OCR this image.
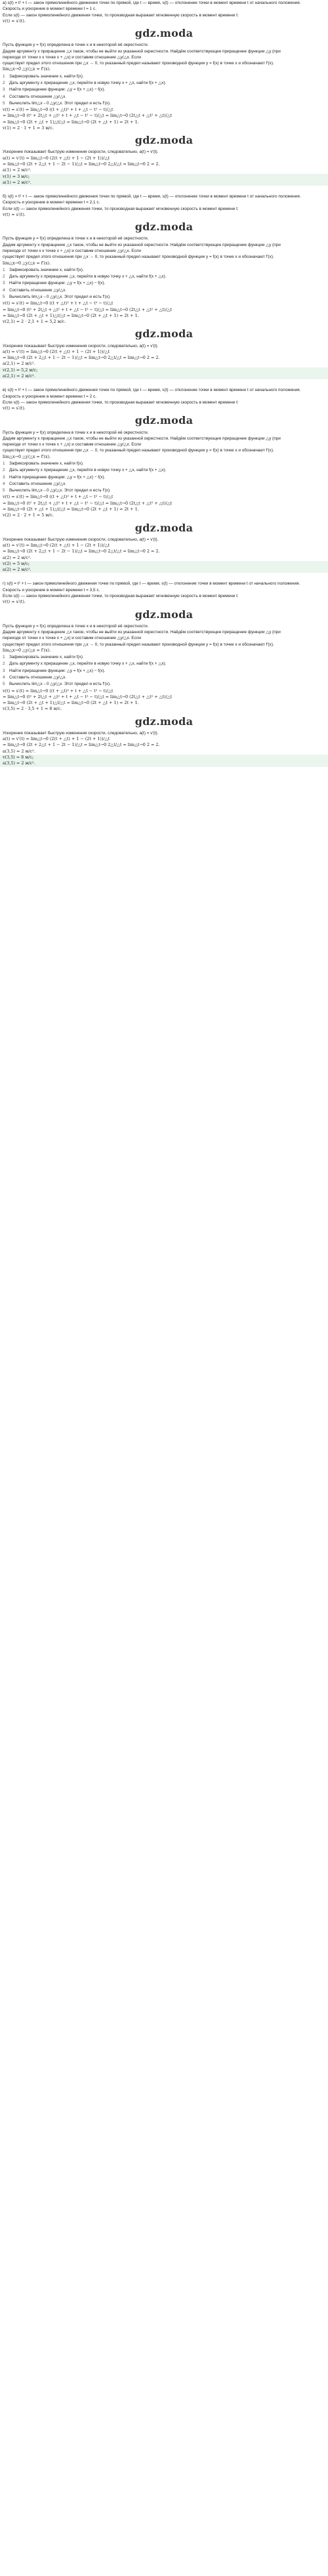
а) s(t) = t² + t — закон прямолинейного движения точки по прямой, где t — время, s(t) — отклонение точки в момент времени t от начального положения.
Скорость и ускорение в момент времени t = 1 с.
Если s(t) — закон прямолинейного движения точки, то производная выражает мгновенную скорость в момент времени t:
v(t) = s′(t).
gdz.moda
Пусть функция y = f(x) определена в точке x и в некоторой её окрестности.
Дадим аргументу x приращение △x такое, чтобы не выйти из указанной окрестности. Найдём соответствующее приращение функции △y (при
переходе от точки x к точке x + △x) и составим отношение △y/△x. Если
существует предел этого отношения при △x → 0, то указанный предел называют производной функции y = f(x) в точке x и обозначают f′(x).
lim△x→0 △y/△x = f′(x).
1	Зафиксировать значение x, найти f(x).
2	Дать аргументу x приращение △x, перейти в новую точку x + △x, найти f(x + △x).
3	Найти приращение функции: △y = f(x + △x) − f(x).
4	Составить отношение △y/△x.
5	Вычислить lim△x→0 △y/△x. Этот предел и есть f′(x).
v(t) = s′(t) = lim△t→0 ((t + △t)² + t + △t − t² − t)/△t
= lim△t→0 (t² + 2t△t + △t² + t + △t − t² − t)/△t = lim△t→0 (2t△t + △t² + △t)/△t
= lim△t→0 (2t + △t + 1)△t/△t = lim△t→0 (2t + △t + 1) = 2t + 1.
v(1) = 2 · 1 + 1 = 3 м/с.
gdz.moda
Ускорение показывает быструю изменения скорости, следовательно, a(t) = v′(t).
a(t) = v′(t) = lim△t→0 (2(t + △t) + 1 − (2t + 1))/△t
= lim△t→0 (2t + 2△t + 1 − 2t − 1)/△t = lim△t→0 2△t/△t = lim△t→0 2 = 2.
a(1) = 2 м/с².
v(1) = 3 м/с;
a(1) = 2 м/с².
б) s(t) = t² + t — закон прямолинейного движения точки по прямой, где t — время, s(t) — отклонение точки в момент времени t от начального положения.
Скорость и ускорение в момент времени t = 2,1 с.
Если s(t) — закон прямолинейного движения точки, то производная выражает мгновенную скорость в момент времени t:
v(t) = s′(t).
gdz.moda
Пусть функция y = f(x) определена в точке x и в некоторой её окрестности.
Дадим аргументу x приращение △x такое, чтобы не выйти из указанной окрестности. Найдём соответствующее приращение функции △y (при
переходе от точки x к точке x + △x) и составим отношение △y/△x. Если
существует предел этого отношения при △x → 0, то указанный предел называют производной функции y = f(x) в точке x и обозначают f′(x).
lim△x→0 △y/△x = f′(x).
1	Зафиксировать значение x, найти f(x).
2	Дать аргументу x приращение △x, перейти в новую точку x + △x, найти f(x + △x).
3	Найти приращение функции: △y = f(x + △x) − f(x).
4	Составить отношение △y/△x.
5	Вычислить lim△x→0 △y/△x. Этот предел и есть f′(x).
v(t) = s′(t) = lim△t→0 ((t + △t)² + t + △t − t² − t)/△t
= lim△t→0 (t² + 2t△t + △t² + t + △t − t² − t)/△t = lim△t→0 (2t△t + △t² + △t)/△t
= lim△t→0 (2t + △t + 1)△t/△t = lim△t→0 (2t + △t + 1) = 2t + 1.
v(2,1) = 2 · 2,1 + 1 = 5,2 м/с.
gdz.moda
Ускорение показывает быструю изменения скорости, следовательно, a(t) = v′(t).
a(t) = v′(t) = lim△t→0 (2(t + △t) + 1 − (2t + 1))/△t
= lim△t→0 (2t + 2△t + 1 − 2t − 1)/△t = lim△t→0 2△t/△t = lim△t→0 2 = 2.
a(2,1) = 2 м/с².
v(2,1) = 5,2 м/с;
a(2,1) = 2 м/с².
в) s(t) = t² + t — закон прямолинейного движения точки по прямой, где t — время, s(t) — отклонение точки в момент времени t от начального положения.
Скорость и ускорение в момент времени t = 2 с.
Если s(t) — закон прямолинейного движения точки, то производная выражает мгновенную скорость в момент времени t:
v(t) = s′(t).
gdz.moda
Пусть функция y = f(x) определена в точке x и в некоторой её окрестности.
Дадим аргументу x приращение △x такое, чтобы не выйти из указанной окрестности. Найдём соответствующее приращение функции △y (при
переходе от точки x к точке x + △x) и составим отношение △y/△x. Если
существует предел этого отношения при △x → 0, то указанный предел называют производной функции y = f(x) в точке x и обозначают f′(x).
lim△x→0 △y/△x = f′(x).
1	Зафиксировать значение x, найти f(x).
2	Дать аргументу x приращение △x, перейти в новую точку x + △x, найти f(x + △x).
3	Найти приращение функции: △y = f(x + △x) − f(x).
4	Составить отношение △y/△x.
5	Вычислить lim△x→0 △y/△x. Этот предел и есть f′(x).
v(t) = s′(t) = lim△t→0 ((t + △t)² + t + △t − t² − t)/△t
= lim△t→0 (t² + 2t△t + △t² + t + △t − t² − t)/△t = lim△t→0 (2t△t + △t² + △t)/△t
= lim△t→0 (2t + △t + 1)△t/△t = lim△t→0 (2t + △t + 1) = 2t + 1.
v(2) = 2 · 2 + 1 = 5 м/с.
gdz.moda
Ускорение показывает быструю изменения скорости, следовательно, a(t) = v′(t).
a(t) = v′(t) = lim△t→0 (2(t + △t) + 1 − (2t + 1))/△t
= lim△t→0 (2t + 2△t + 1 − 2t − 1)/△t = lim△t→0 2△t/△t = lim△t→0 2 = 2.
a(2) = 2 м/с².
v(2) = 5 м/с;
a(2) = 2 м/с².
г) s(t) = t² + t — закон прямолинейного движения точки по прямой, где t — время, s(t) — отклонение точки в момент времени t от начального положения.
Скорость и ускорение в момент времени t = 3,5 с.
Если s(t) — закон прямолинейного движения точки, то производная выражает мгновенную скорость в момент времени t:
v(t) = s′(t).
gdz.moda
Пусть функция y = f(x) определена в точке x и в некоторой её окрестности.
Дадим аргументу x приращение △x такое, чтобы не выйти из указанной окрестности. Найдём соответствующее приращение функции △y (при
переходе от точки x к точке x + △x) и составим отношение △y/△x. Если
существует предел этого отношения при △x → 0, то указанный предел называют производной функции y = f(x) в точке x и обозначают f′(x).
lim△x→0 △y/△x = f′(x).
1	Зафиксировать значение x, найти f(x).
2	Дать аргументу x приращение △x, перейти в новую точку x + △x, найти f(x + △x).
3	Найти приращение функции: △y = f(x + △x) − f(x).
4	Составить отношение △y/△x.
5	Вычислить lim△x→0 △y/△x. Этот предел и есть f′(x).
v(t) = s′(t) = lim△t→0 ((t + △t)² + t + △t − t² − t)/△t
= lim△t→0 (t² + 2t△t + △t² + t + △t − t² − t)/△t = lim△t→0 (2t△t + △t² + △t)/△t
= lim△t→0 (2t + △t + 1)△t/△t = lim△t→0 (2t + △t + 1) = 2t + 1.
v(3,5) = 2 · 3,5 + 1 = 8 м/с.
gdz.moda
Ускорение показывает быструю изменения скорости, следовательно, a(t) = v′(t).
a(t) = v′(t) = lim△t→0 (2(t + △t) + 1 − (2t + 1))/△t
= lim△t→0 (2t + 2△t + 1 − 2t − 1)/△t = lim△t→0 2△t/△t = lim△t→0 2 = 2.
a(3,5) = 2 м/с².
v(3,5) = 8 м/с;
a(3,5) = 2 м/с².
